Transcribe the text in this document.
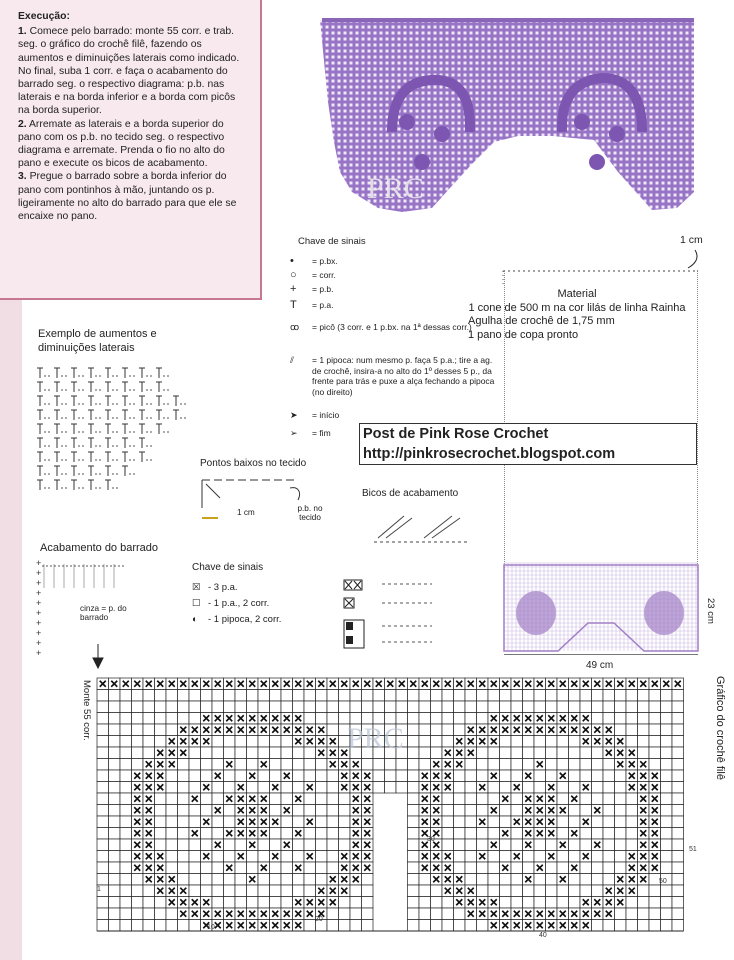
Execução:

1. Comece pelo barrado: monte 55 corr. e trab. seg. o gráfico do crochê filê, fazendo os aumentos e diminuições laterais como indicado. No final, suba 1 corr. e faça o acabamento do barrado seg. o respectivo diagrama: p.b. nas laterais e na borda inferior e a borda com picôs na borda superior.

2. Arremate as laterais e a borda superior do pano com os p.b. no tecido seg. o respectivo diagrama e arremate. Prenda o fio no alto do pano e execute os bicos de acabamento.

3. Pregue o barrado sobre a borda inferior do pano com pontinhos à mão, juntando os p. ligeiramente no alto do barrado para que ele se encaixe no pano.

PRC
Chave de sinais
• = p.bx.
○ = corr.
+ = p.b.
T = p.a.
ꝏ	= picô (3 corr. e 1 p.bx. na 1ª dessas corr.)
⫽	= 1 pipoca: num mesmo p. faça 5 p.a.; tire a ag. de crochê, insira-a no alto do 1º desses 5 p., da frente para trás e puxe a alça fechando a pipoca (no direito)
➤	= início
➢	= fim
1 cm
Material
1 cone de 500 m na cor lilás de linha Rainha
Agulha de crochê de 1,75 mm
1 pano de copa pronto
Post de Pink Rose Crochet
http://pinkrosecrochet.blogspot.com
Exemplo de aumentos e diminuições laterais
Pontos baixos no tecido
1 cm	p.b. no tecido
Bicos de acabamento
Acabamento do barrado
+
+
+
+
+
+
+
+
+
+
cinza = p. do barrado
Chave de sinais
☒ - 3 p.a.
☐ - 1 p.a., 2 corr.
◐ - 1 pipoca, 2 corr.	23 cm
49 cm
Monte 55 corr.	Gráfico do crochê filê
1
10
20
30
40
50
51
PRC
